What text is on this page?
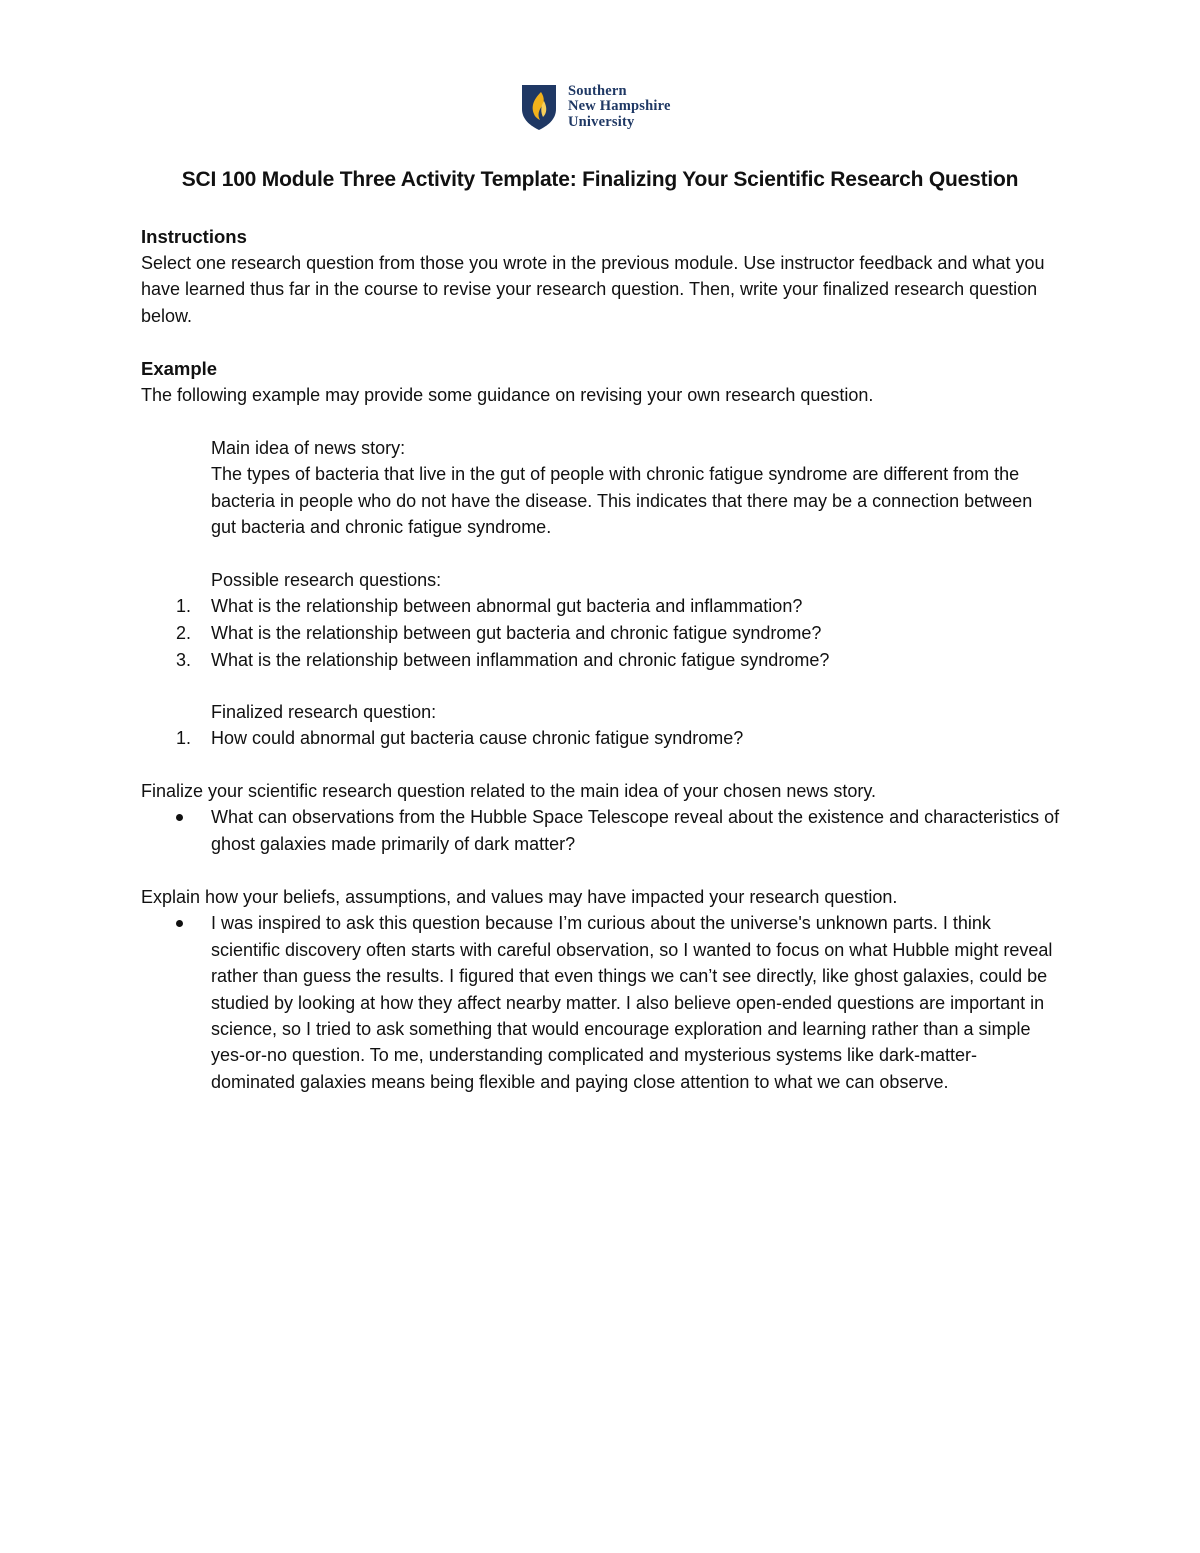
Southern
New Hampshire
University
SCI 100 Module Three Activity Template: Finalizing Your Scientific Research Question
Instructions

Select one research question from those you wrote in the previous module. Use instructor feedback and what you have learned thus far in the course to revise your research question. Then, write your finalized research question below.

Example

The following example may provide some guidance on revising your own research question.

Main idea of news story:

The types of bacteria that live in the gut of people with chronic fatigue syndrome are different from the bacteria in people who do not have the disease. This indicates that there may be a connection between gut bacteria and chronic fatigue syndrome.

Possible research questions:

1. What is the relationship between abnormal gut bacteria and inflammation?
2. What is the relationship between gut bacteria and chronic fatigue syndrome?
3. What is the relationship between inflammation and chronic fatigue syndrome?

Finalized research question:

1. How could abnormal gut bacteria cause chronic fatigue syndrome?

Finalize your scientific research question related to the main idea of your chosen news story.

What can observations from the Hubble Space Telescope reveal about the existence and characteristics of ghost galaxies made primarily of dark matter?

Explain how your beliefs, assumptions, and values may have impacted your research question.

I was inspired to ask this question because I’m curious about the universe's unknown parts. I think scientific discovery often starts with careful observation, so I wanted to focus on what Hubble might reveal rather than guess the results. I figured that even things we can’t see directly, like ghost galaxies, could be studied by looking at how they affect nearby matter. I also believe open-ended questions are important in science, so I tried to ask something that would encourage exploration and learning rather than a simple yes-or-no question. To me, understanding complicated and mysterious systems like dark-matter-dominated galaxies means being flexible and paying close attention to what we can observe.
